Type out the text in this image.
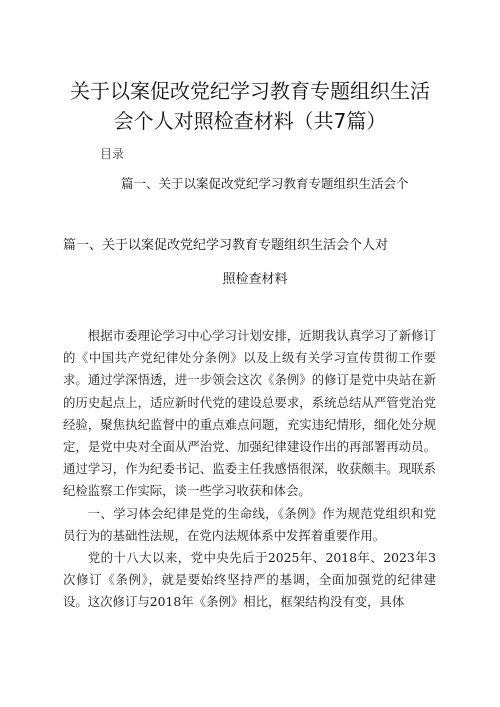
关于以案促改党纪学习教育专题组织生活
会个人对照检查材料（共7篇）
目录
篇一、关于以案促改党纪学习教育专题组织生活会个
篇一、关于以案促改党纪学习教育专题组织生活会个人对
照检查材料

根据市委理论学习中心学习计划安排，近期我认真学习了新修订的《中国共产党纪律处分条例》以及上级有关学习宣传贯彻工作要求。通过学深悟透，进一步领会这次《条例》的修订是党中央站在新的历史起点上，适应新时代党的建设总要求，系统总结从严管党治党经验，聚焦执纪监督中的重点难点问题，充实违纪情形，细化处分规定，是党中央对全面从严治党、加强纪律建设作出的再部署再动员。通过学习，作为纪委书记、监委主任我感悟很深，收获颇丰。现联系纪检监察工作实际，谈一些学习收获和体会。

一、学习体会纪律是党的生命线，《条例》作为规范党组织和党员行为的基础性法规，在党内法规体系中发挥着重要作用。

党的十八大以来，党中央先后于2025年、2018年、2023年3次修订《条例》，就是要始终坚持严的基调，全面加强党的纪律建设。这次修订与2018年《条例》相比，框架结构没有变，具体
